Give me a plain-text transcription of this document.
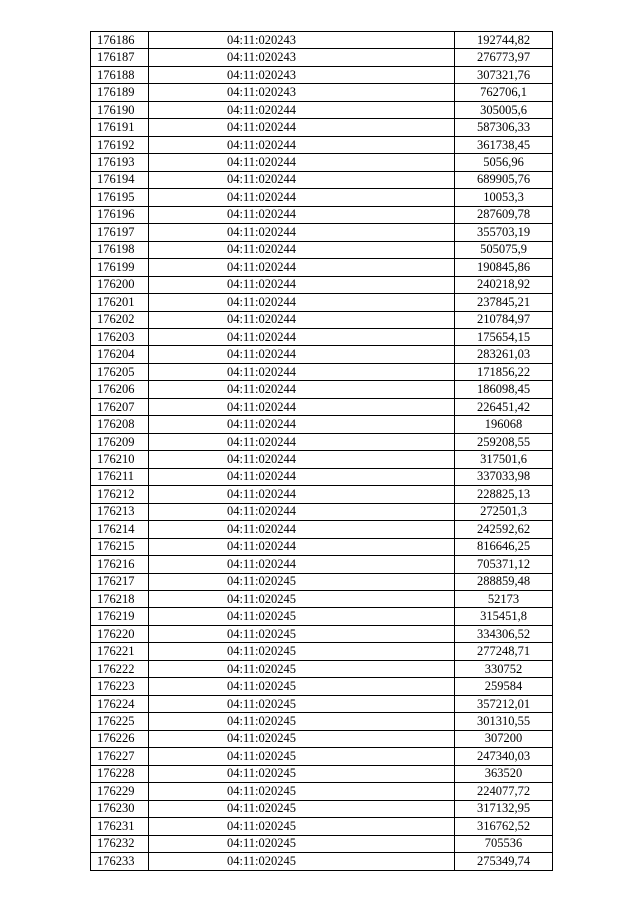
176186	04:11:020243	192744,82
176187	04:11:020243	276773,97
176188	04:11:020243	307321,76
176189	04:11:020243	762706,1
176190	04:11:020244	305005,6
176191	04:11:020244	587306,33
176192	04:11:020244	361738,45
176193	04:11:020244	5056,96
176194	04:11:020244	689905,76
176195	04:11:020244	10053,3
176196	04:11:020244	287609,78
176197	04:11:020244	355703,19
176198	04:11:020244	505075,9
176199	04:11:020244	190845,86
176200	04:11:020244	240218,92
176201	04:11:020244	237845,21
176202	04:11:020244	210784,97
176203	04:11:020244	175654,15
176204	04:11:020244	283261,03
176205	04:11:020244	171856,22
176206	04:11:020244	186098,45
176207	04:11:020244	226451,42
176208	04:11:020244	196068
176209	04:11:020244	259208,55
176210	04:11:020244	317501,6
176211	04:11:020244	337033,98
176212	04:11:020244	228825,13
176213	04:11:020244	272501,3
176214	04:11:020244	242592,62
176215	04:11:020244	816646,25
176216	04:11:020244	705371,12
176217	04:11:020245	288859,48
176218	04:11:020245	52173
176219	04:11:020245	315451,8
176220	04:11:020245	334306,52
176221	04:11:020245	277248,71
176222	04:11:020245	330752
176223	04:11:020245	259584
176224	04:11:020245	357212,01
176225	04:11:020245	301310,55
176226	04:11:020245	307200
176227	04:11:020245	247340,03
176228	04:11:020245	363520
176229	04:11:020245	224077,72
176230	04:11:020245	317132,95
176231	04:11:020245	316762,52
176232	04:11:020245	705536
176233	04:11:020245	275349,74
